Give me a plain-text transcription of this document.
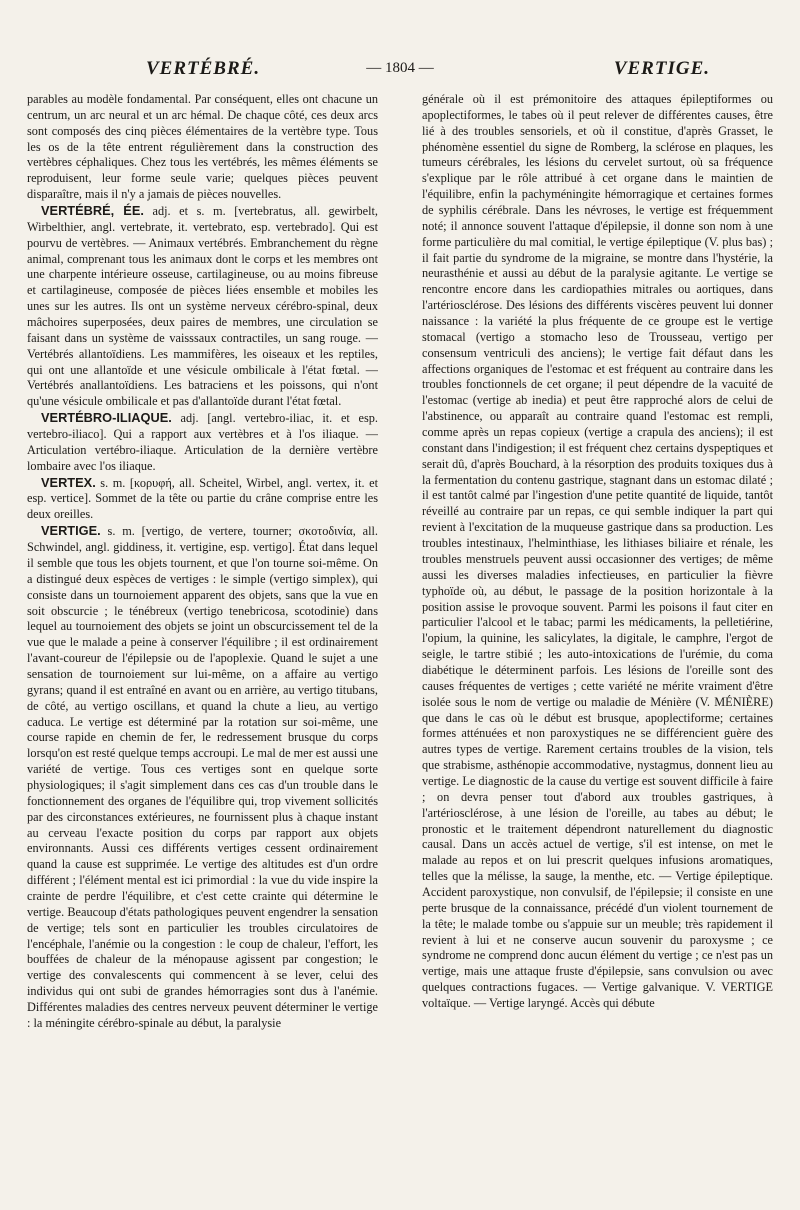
VERTÉBRÉ.	— 1804 —	VERTIGE.

parables au modèle fondamental. Par conséquent, elles ont chacune un centrum, un arc neural et un arc hémal. De chaque côté, ces deux arcs sont composés des cinq pièces élémentaires de la vertèbre type. Tous les os de la tête entrent régulièrement dans la construction des vertèbres céphaliques. Chez tous les vertébrés, les mêmes éléments se reproduisent, leur forme seule varie; quelques pièces peuvent disparaître, mais il n'y a jamais de pièces nouvelles.

VERTÉBRÉ, ÉE. adj. et s. m. [vertebratus, all. gewirbelt, Wirbelthier, angl. vertebrate, it. vertebrato, esp. vertebrado]. Qui est pourvu de vertèbres. — Animaux vertébrés. Embranchement du règne animal, comprenant tous les animaux dont le corps et les membres ont une charpente intérieure osseuse, cartilagineuse, ou au moins fibreuse et cartilagineuse, composée de pièces liées ensemble et mobiles les unes sur les autres. Ils ont un système nerveux cérébro-spinal, deux mâchoires superposées, deux paires de membres, une circulation se faisant dans un système de vaisssaux contractiles, un sang rouge. — Vertébrés allantoïdiens. Les mammifères, les oiseaux et les reptiles, qui ont une allantoïde et une vésicule ombilicale à l'état fœtal. — Vertébrés anallantoïdiens. Les batraciens et les poissons, qui n'ont qu'une vésicule ombilicale et pas d'allantoïde durant l'état fœtal.

VERTÉBRO-ILIAQUE. adj. [angl. vertebro-iliac, it. et esp. vertebro-iliaco]. Qui a rapport aux vertèbres et à l'os iliaque. — Articulation vertébro-iliaque. Articulation de la dernière vertèbre lombaire avec l'os iliaque.

VERTEX. s. m. [κορυφή, all. Scheitel, Wirbel, angl. vertex, it. et esp. vertice]. Sommet de la tête ou partie du crâne comprise entre les deux oreilles.

VERTIGE. s. m. [vertigo, de vertere, tourner; σκοτοδινία, all. Schwindel, angl. giddiness, it. vertigine, esp. vertigo]. État dans lequel il semble que tous les objets tournent, et que l'on tourne soi-même. On a distingué deux espèces de vertiges : le simple (vertigo simplex), qui consiste dans un tournoiement apparent des objets, sans que la vue en soit obscurcie ; le ténébreux (vertigo tenebricosa, scotodinie) dans lequel au tournoiement des objets se joint un obscurcissement tel de la vue que le malade a peine à conserver l'équilibre ; il est ordinairement l'avant-coureur de l'épilepsie ou de l'apoplexie. Quand le sujet a une sensation de tournoiement sur lui-même, on a affaire au vertigo gyrans; quand il est entraîné en avant ou en arrière, au vertigo titubans, de côté, au vertigo oscillans, et quand la chute a lieu, au vertigo caduca. Le vertige est déterminé par la rotation sur soi-même, une course rapide en chemin de fer, le redressement brusque du corps lorsqu'on est resté quelque temps accroupi. Le mal de mer est aussi une variété de vertige. Tous ces vertiges sont en quelque sorte physiologiques; il s'agit simplement dans ces cas d'un trouble dans le fonctionnement des organes de l'équilibre qui, trop vivement sollicités par des circonstances extérieures, ne fournissent plus à chaque instant au cerveau l'exacte position du corps par rapport aux objets environnants. Aussi ces différents vertiges cessent ordinairement quand la cause est supprimée. Le vertige des altitudes est d'un ordre différent ; l'élément mental est ici primordial : la vue du vide inspire la crainte de perdre l'équilibre, et c'est cette crainte qui détermine le vertige. Beaucoup d'états pathologiques peuvent engendrer la sensation de vertige; tels sont en particulier les troubles circulatoires de l'encéphale, l'anémie ou la congestion : le coup de chaleur, l'effort, les bouffées de chaleur de la ménopause agissent par congestion; le vertige des convalescents qui commencent à se lever, celui des individus qui ont subi de grandes hémorragies sont dus à l'anémie. Différentes maladies des centres nerveux peuvent déterminer le vertige : la méningite cérébro-spinale au début, la paralysie

générale où il est prémonitoire des attaques épileptiformes ou apoplectiformes, le tabes où il peut relever de différentes causes, être lié à des troubles sensoriels, et où il constitue, d'après Grasset, le phénomène essentiel du signe de Romberg, la sclérose en plaques, les tumeurs cérébrales, les lésions du cervelet surtout, où sa fréquence s'explique par le rôle attribué à cet organe dans le maintien de l'équilibre, enfin la pachyméningite hémorragique et certaines formes de syphilis cérébrale. Dans les névroses, le vertige est fréquemment noté; il annonce souvent l'attaque d'épilepsie, il donne son nom à une forme particulière du mal comitial, le vertige épileptique (V. plus bas) ; il fait partie du syndrome de la migraine, se montre dans l'hystérie, la neurasthénie et aussi au début de la paralysie agitante. Le vertige se rencontre encore dans les cardiopathies mitrales ou aortiques, dans l'artériosclérose. Des lésions des différents viscères peuvent lui donner naissance : la variété la plus fréquente de ce groupe est le vertige stomacal (vertigo a stomacho leso de Trousseau, vertigo per consensum ventriculi des anciens); le vertige fait défaut dans les affections organiques de l'estomac et est fréquent au contraire dans les troubles fonctionnels de cet organe; il peut dépendre de la vacuité de l'estomac (vertige ab inedia) et peut être rapproché alors de celui de l'abstinence, ou apparaît au contraire quand l'estomac est rempli, comme après un repas copieux (vertige a crapula des anciens); il est constant dans l'indigestion; il est fréquent chez certains dyspeptiques et serait dû, d'après Bouchard, à la résorption des produits toxiques dus à la fermentation du contenu gastrique, stagnant dans un estomac dilaté ; il est tantôt calmé par l'ingestion d'une petite quantité de liquide, tantôt réveillé au contraire par un repas, ce qui semble indiquer la part qui revient à l'excitation de la muqueuse gastrique dans sa production. Les troubles intestinaux, l'helminthiase, les lithiases biliaire et rénale, les troubles menstruels peuvent aussi occasionner des vertiges; de même aussi les diverses maladies infectieuses, en particulier la fièvre typhoïde où, au début, le passage de la position horizontale à la position assise le provoque souvent. Parmi les poisons il faut citer en particulier l'alcool et le tabac; parmi les médicaments, la pelletiérine, l'opium, la quinine, les salicylates, la digitale, le camphre, l'ergot de seigle, le tartre stibié ; les auto-intoxications de l'urémie, du coma diabétique le déterminent parfois. Les lésions de l'oreille sont des causes fréquentes de vertiges ; cette variété ne mérite vraiment d'être isolée sous le nom de vertige ou maladie de Ménière (V. MÉNIÈRE) que dans le cas où le début est brusque, apoplectiforme; certaines formes atténuées et non paroxystiques ne se différencient guère des autres types de vertige. Rarement certains troubles de la vision, tels que strabisme, asthénopie accommodative, nystagmus, donnent lieu au vertige. Le diagnostic de la cause du vertige est souvent difficile à faire ; on devra penser tout d'abord aux troubles gastriques, à l'artériosclérose, à une lésion de l'oreille, au tabes au début; le pronostic et le traitement dépendront naturellement du diagnostic causal. Dans un accès actuel de vertige, s'il est intense, on met le malade au repos et on lui prescrit quelques infusions aromatiques, telles que la mélisse, la sauge, la menthe, etc. — Vertige épileptique. Accident paroxystique, non convulsif, de l'épilepsie; il consiste en une perte brusque de la connaissance, précédé d'un violent tournement de la tête; le malade tombe ou s'appuie sur un meuble; très rapidement il revient à lui et ne conserve aucun souvenir du paroxysme ; ce syndrome ne comprend donc aucun élément du vertige ; ce n'est pas un vertige, mais une attaque fruste d'épilepsie, sans convulsion ou avec quelques contractions fugaces. — Vertige galvanique. V. VERTIGE voltaïque. — Vertige laryngé. Accès qui débute
